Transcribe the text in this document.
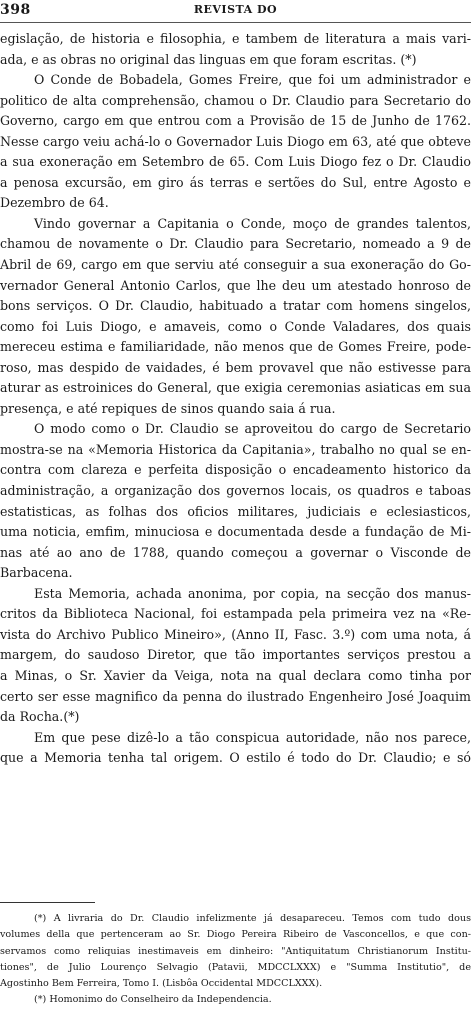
398	REVISTA DO
egislação, de historia e filosophia, e tambem de literatura a mais vari-
ada, e as obras no original das linguas em que foram escritas. (*)
O Conde de Bobadela, Gomes Freire, que foi um administrador e
politico de alta comprehensão, chamou o Dr. Claudio para Secretario do
Governo, cargo em que entrou com a Provisão de 15 de Junho de 1762.
Nesse cargo veiu achá-lo o Governador Luis Diogo em 63, até que obteve
a sua exoneração em Setembro de 65. Com Luis Diogo fez o Dr. Claudio
a penosa excursão, em giro ás terras e sertões do Sul, entre Agosto e
Dezembro de 64.
Vindo governar a Capitania o Conde, moço de grandes talentos,
chamou de novamente o Dr. Claudio para Secretario, nomeado a 9 de
Abril de 69, cargo em que serviu até conseguir a sua exoneração do Go-
vernador General Antonio Carlos, que lhe deu um atestado honroso de
bons serviços. O Dr. Claudio, habituado a tratar com homens singelos,
como foi Luis Diogo, e amaveis, como o Conde Valadares, dos quais
mereceu estima e familiaridade, não menos que de Gomes Freire, pode-
roso, mas despido de vaidades, é bem provavel que não estivesse para
aturar as estroinices do General, que exigia ceremonias asiaticas em sua
presença, e até repiques de sinos quando saia á rua.
O modo como o Dr. Claudio se aproveitou do cargo de Secretario
mostra-se na «Memoria Historica da Capitania», trabalho no qual se en-
contra com clareza e perfeita disposição o encadeamento historico da
administração, a organização dos governos locais, os quadros e taboas
estatisticas, as folhas dos oficios militares, judiciais e eclesiasticos,
uma noticia, emfim, minuciosa e documentada desde a fundação de Mi-
nas até ao ano de 1788, quando começou a governar o Visconde de
Barbacena.
Esta Memoria, achada anonima, por copia, na secção dos manus-
critos da Biblioteca Nacional, foi estampada pela primeira vez na «Re-
vista do Archivo Publico Mineiro», (Anno II, Fasc. 3.º) com uma nota, á
margem, do saudoso Diretor, que tão importantes serviços prestou a
a Minas, o Sr. Xavier da Veiga, nota na qual declara como tinha por
certo ser esse magnifico da penna do ilustrado Engenheiro José Joaquim
da Rocha.(*)
Em que pese dizê-lo a tão conspicua autoridade, não nos parece,
que a Memoria tenha tal origem. O estilo é todo do Dr. Claudio; e só
(*) A livraria do Dr. Claudio infelizmente já desapareceu. Temos com tudo dous
volumes della que pertenceram ao Sr. Diogo Pereira Ribeiro de Vasconcellos, e que con-
servamos como reliquias inestimaveis em dinheiro: "Antiquitatum Christianorum Institu-
tiones", de Julio Lourenço Selvagio (Patavii, MDCCLXXX) e "Summa Institutio", de
Agostinho Bem Ferreira, Tomo I. (Lisbôa Occidental MDCCLXXX).
(*) Homonimo do Conselheiro da Independencia.
